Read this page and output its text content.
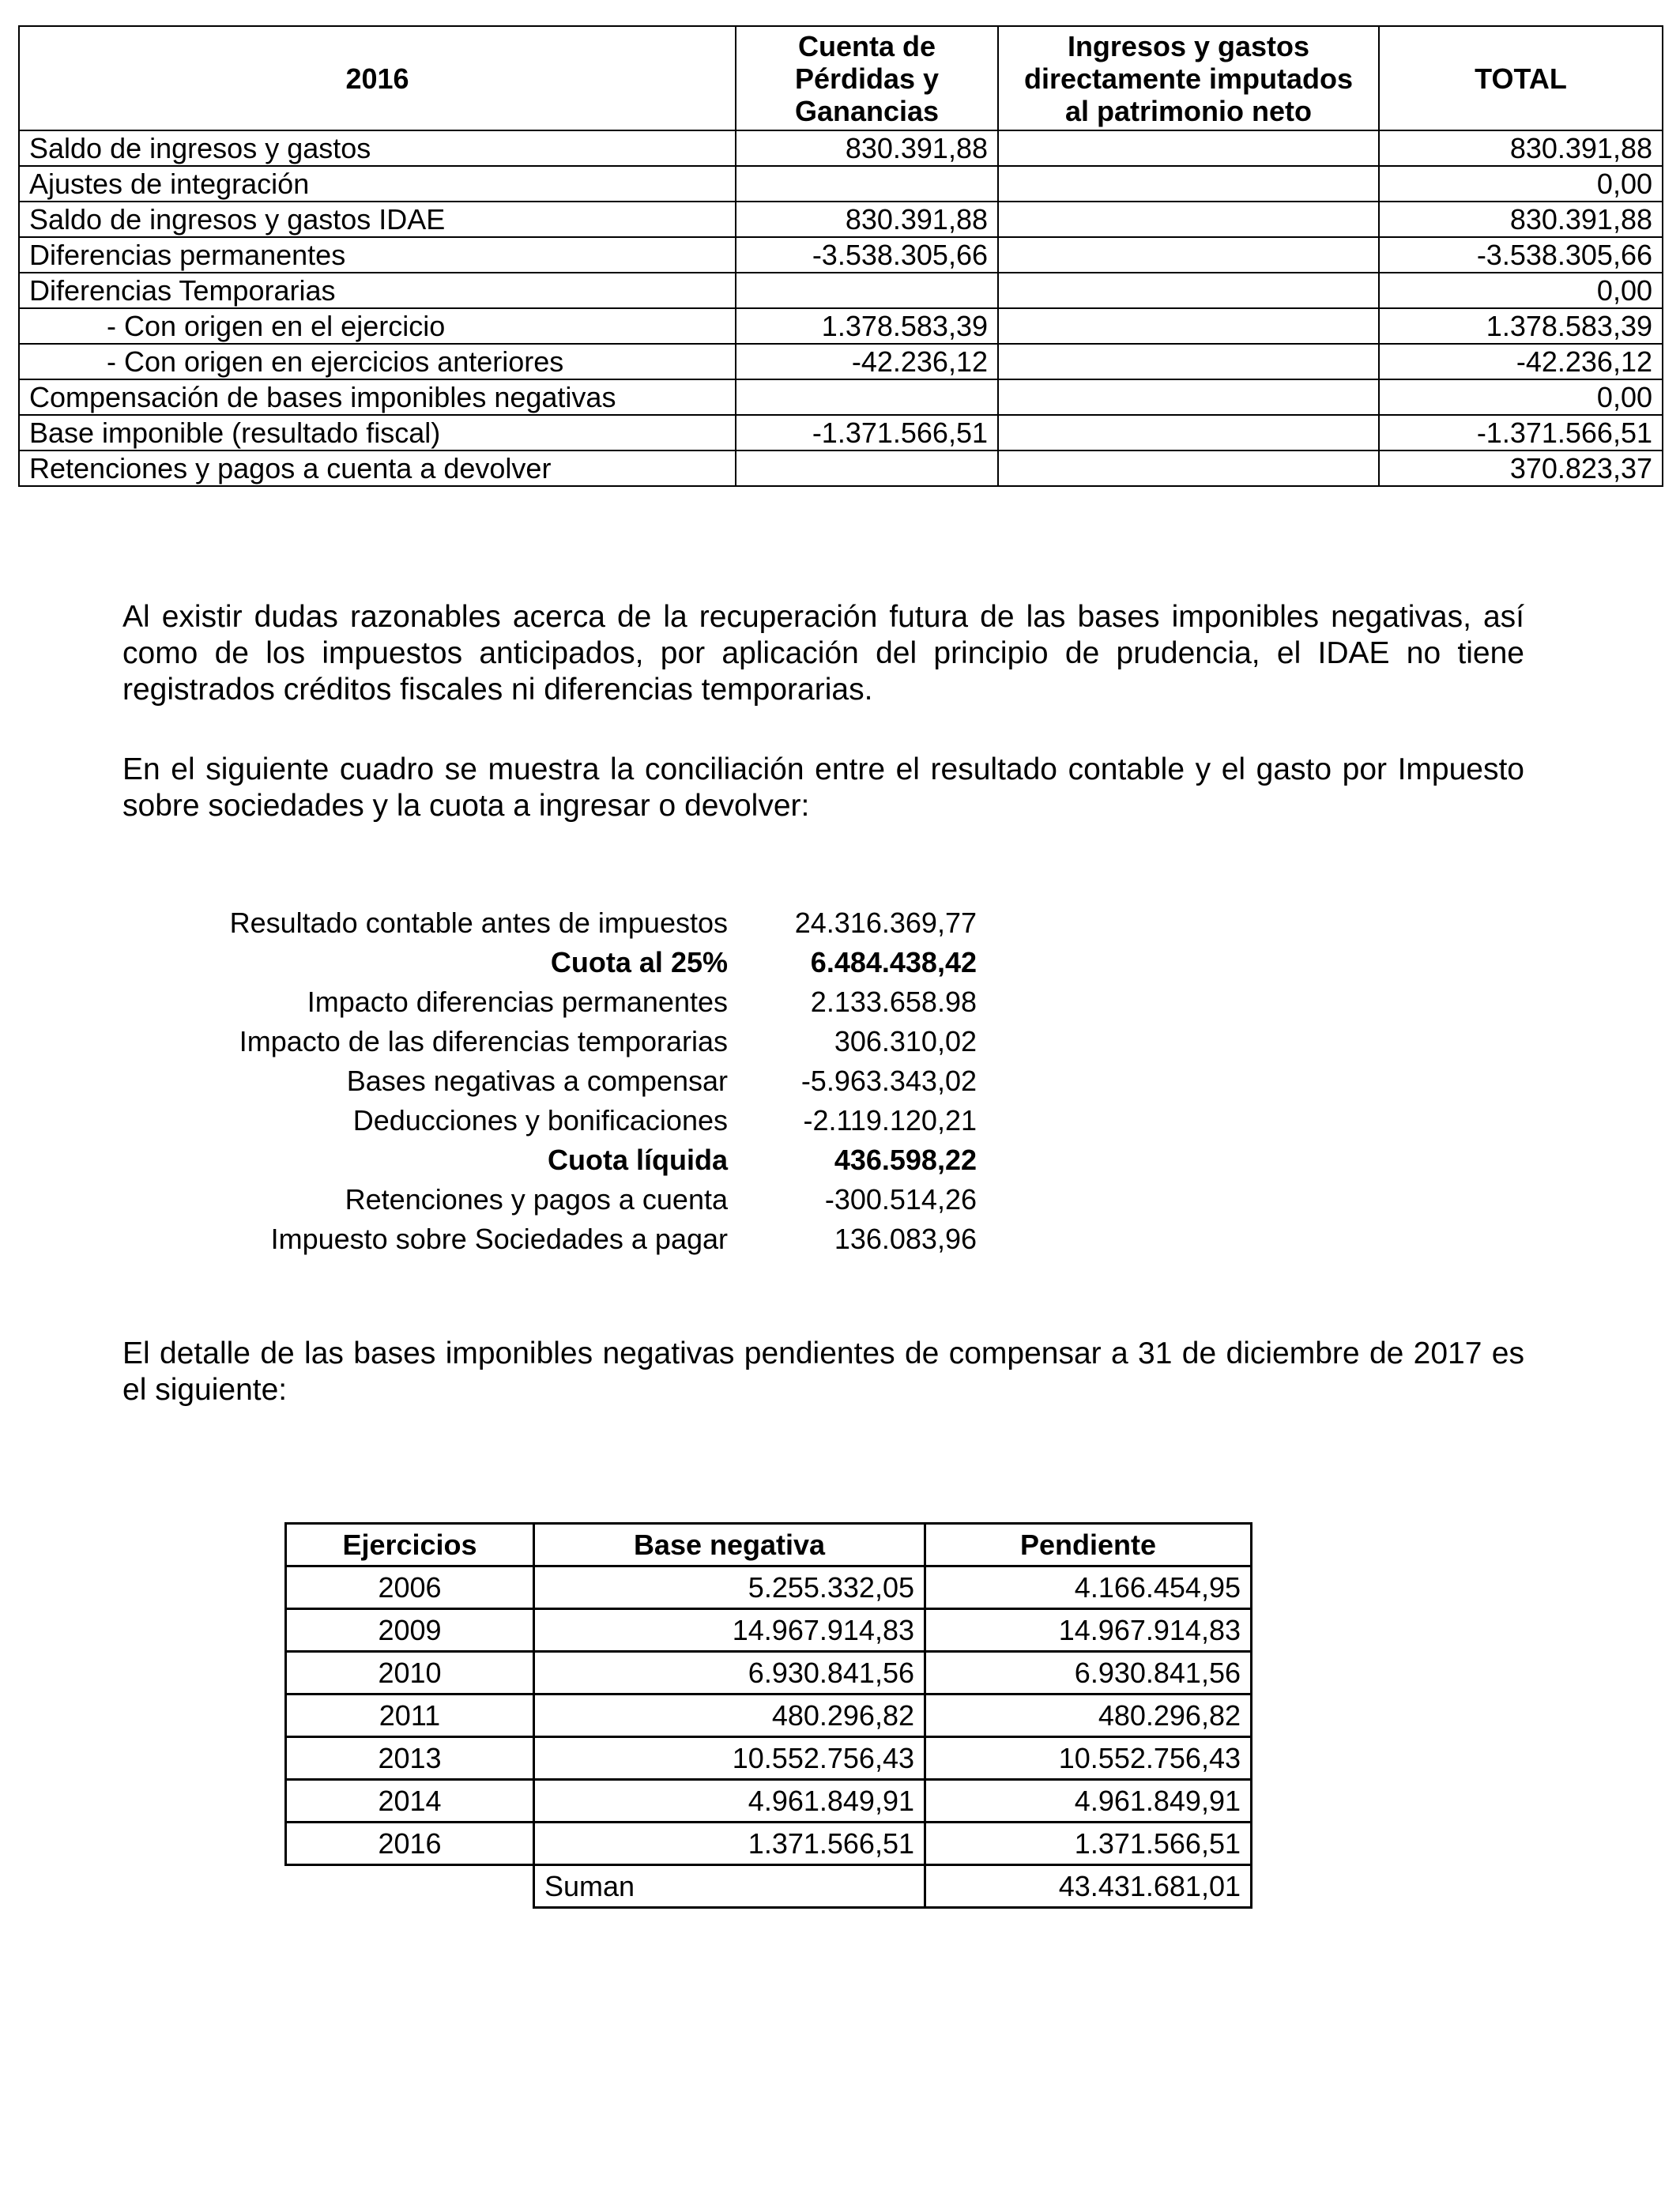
2016	Cuenta de Pérdidas y Ganancias	Ingresos y gastos directamente imputados al patrimonio neto	TOTAL
Saldo de ingresos y gastos	830.391,88		830.391,88
Ajustes de integración			0,00
Saldo de ingresos y gastos IDAE	830.391,88		830.391,88
Diferencias permanentes	-3.538.305,66		-3.538.305,66
Diferencias Temporarias			0,00
- Con origen en el ejercicio	1.378.583,39		1.378.583,39
- Con origen en ejercicios anteriores	-42.236,12		-42.236,12
Compensación de bases imponibles negativas			0,00
Base imponible (resultado fiscal)	-1.371.566,51		-1.371.566,51
Retenciones y pagos a cuenta a devolver			370.823,37

Al existir dudas razonables acerca de la recuperación futura de las bases imponibles negativas, así como de los impuestos anticipados, por aplicación del principio de prudencia, el IDAE no tiene registrados créditos fiscales ni diferencias temporarias.

En el siguiente cuadro se muestra la conciliación entre el resultado contable y el gasto por Impuesto sobre sociedades y la cuota a ingresar o devolver:

Resultado contable antes de impuestos 24.316.369,77
Cuota al 25%	6.484.438,42
Impacto diferencias permanentes	2.133.658.98
Impacto de las diferencias temporarias	306.310,02
Bases negativas a compensar	-5.963.343,02
Deducciones y bonificaciones	-2.119.120,21
Cuota líquida	436.598,22
Retenciones y pagos a cuenta	-300.514,26
Impuesto sobre Sociedades a pagar	136.083,96

El detalle de las bases imponibles negativas pendientes de compensar a 31 de diciembre de 2017 es el siguiente:

Ejercicios	Base negativa	Pendiente
2006	5.255.332,05	4.166.454,95
2009	14.967.914,83	14.967.914,83
2010	6.930.841,56	6.930.841,56
2011	480.296,82	480.296,82
2013	10.552.756,43	10.552.756,43
2014	4.961.849,91	4.961.849,91
2016	1.371.566,51	1.371.566,51
	Suman	43.431.681,01
